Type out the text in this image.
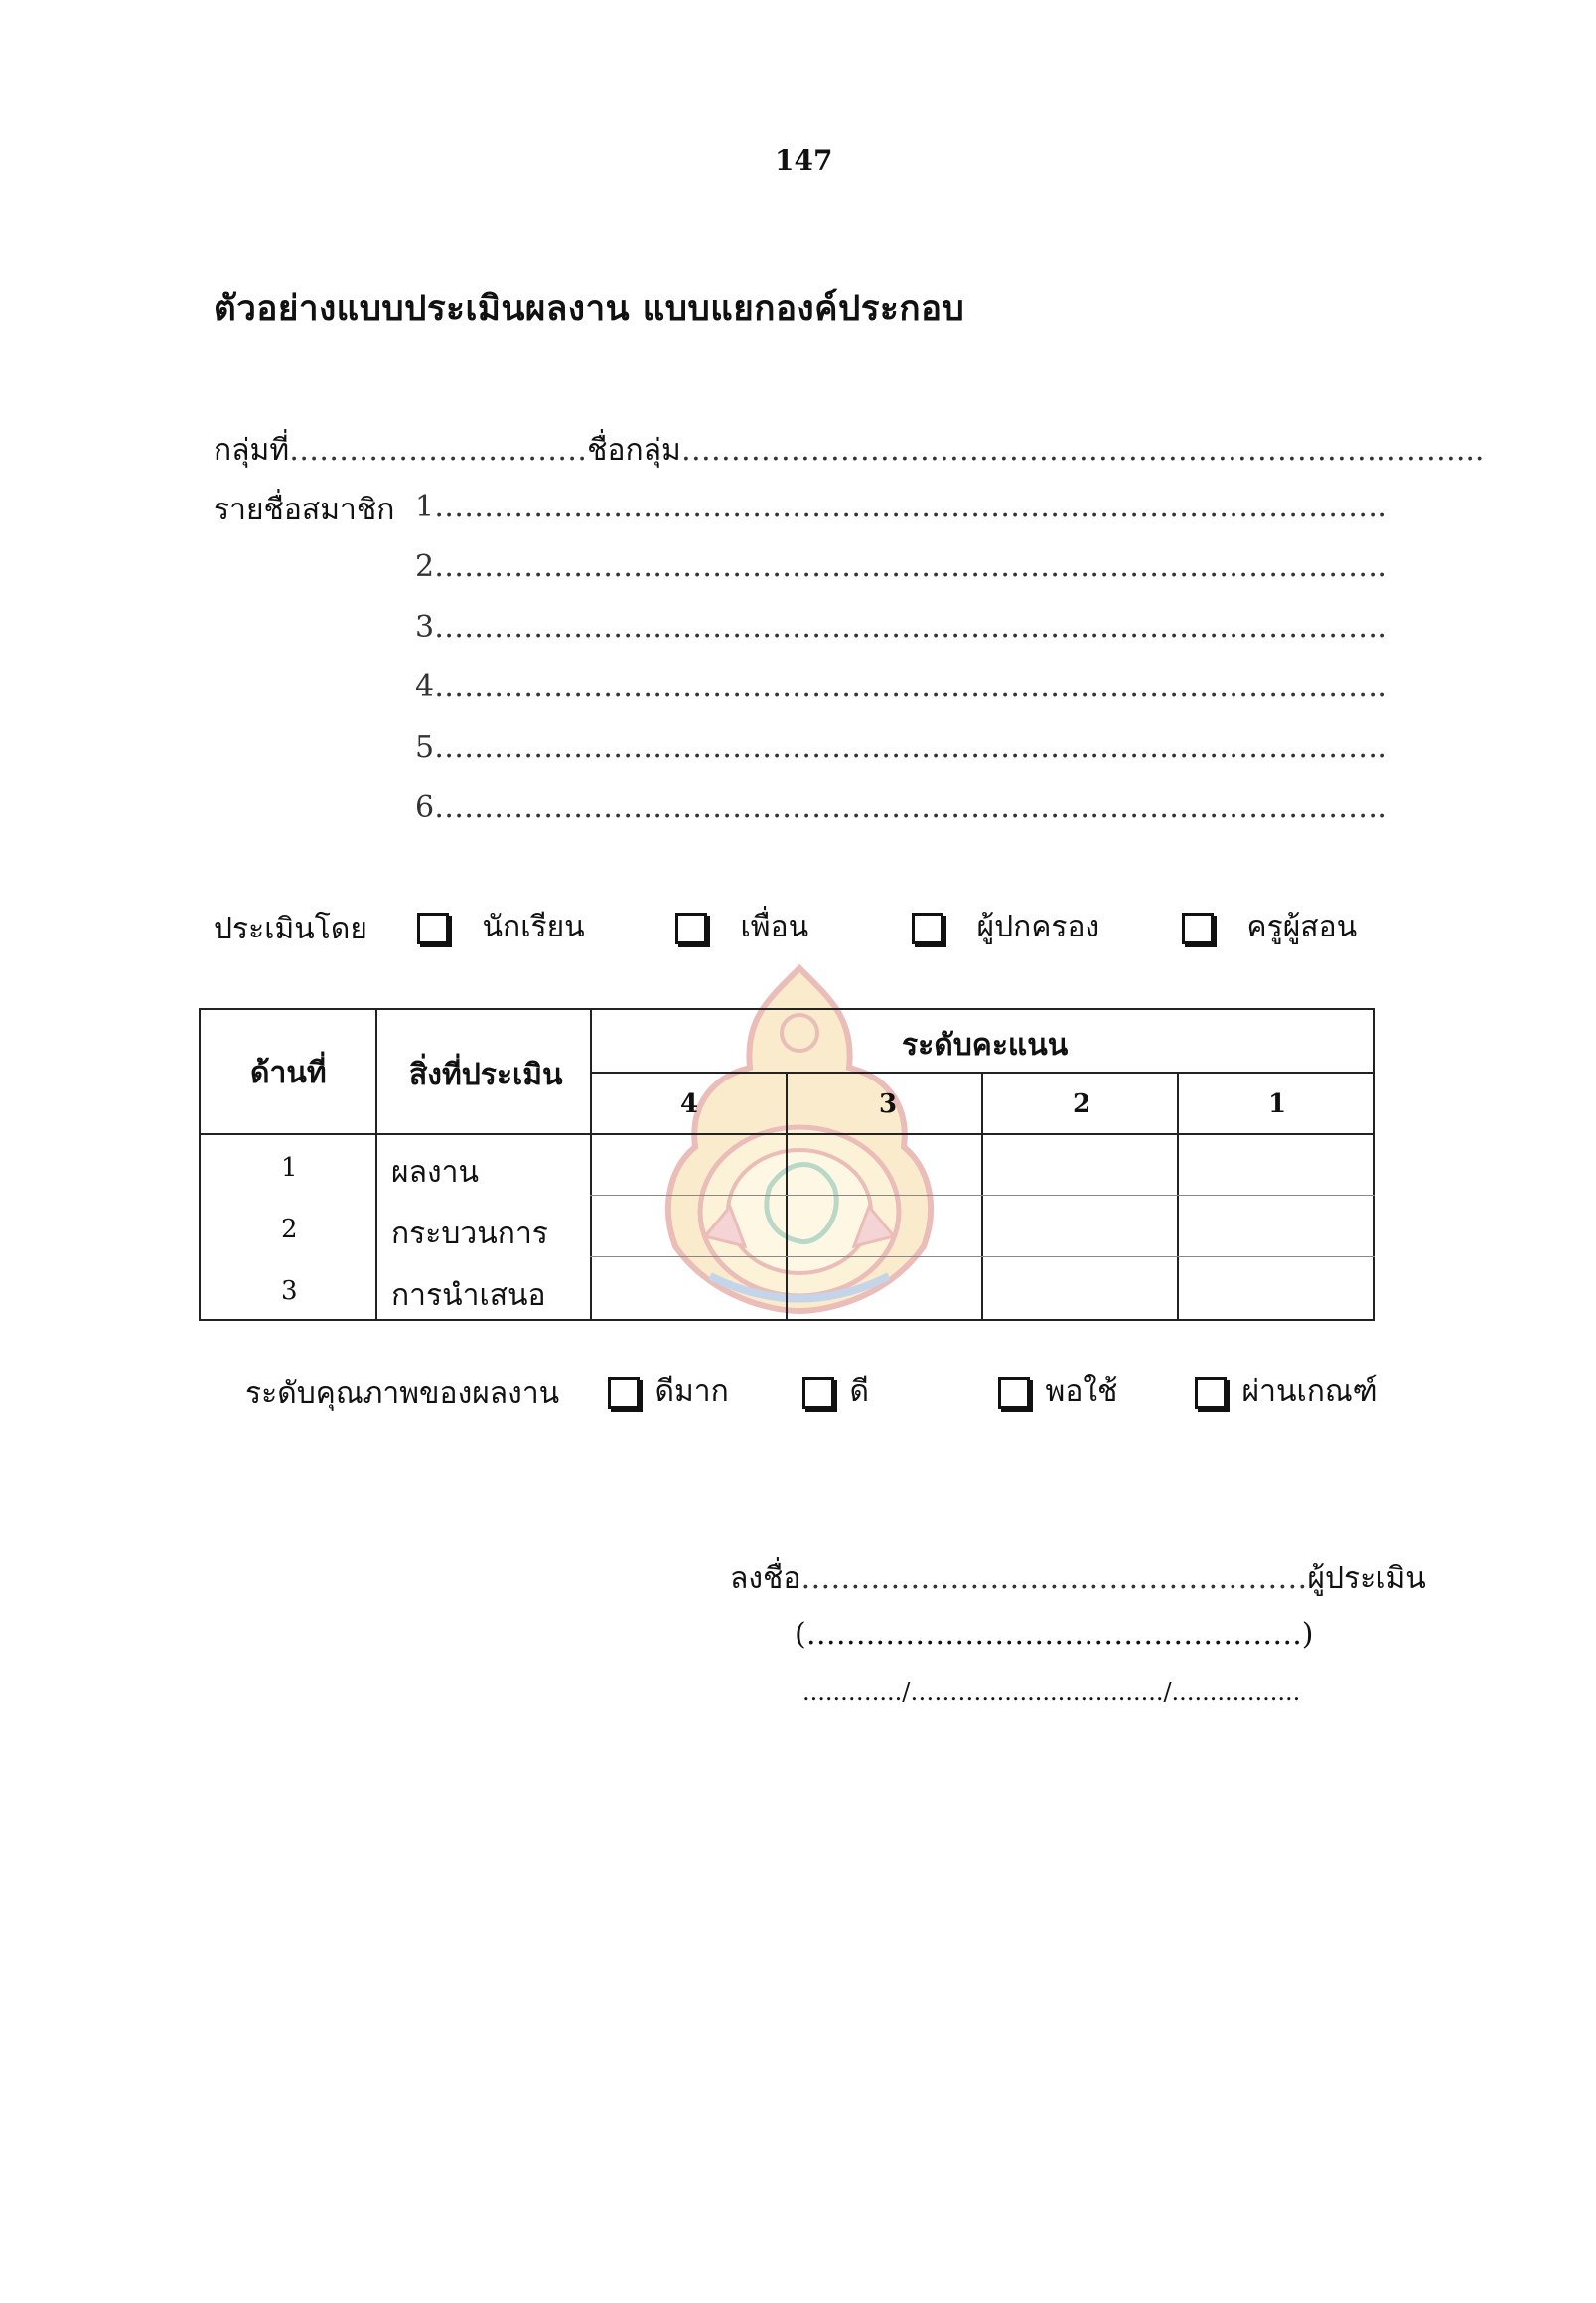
147
ตัวอย่างแบบประเมินผลงาน แบบแยกองค์ประกอบ
กลุ่มที่…………………………ชื่อกลุ่ม……………………………………………………………………...
รายชื่อสมาชิก 1……………………………………………………………………………………
2……………………………………………………………………………………
3……………………………………………………………………………………
4……………………………………………………………………………………
5……………………………………………………………………………………
6……………………………………………………………………………………
ประเมินโดย	นักเรียน	เพื่อน	ผู้ปกครอง	ครูผู้สอน
ด้านที่	สิ่งที่ประเมิน
ระดับคะแนน
4	3	2	1
1	ผลงาน
2	กระบวนการ
3	การนำเสนอ
ระดับคุณภาพของผลงาน	ดีมาก	ดี	พอใช้	ผ่านเกณฑ์
ลงชื่อ……………………………………………ผู้ประเมิน
(…….…………………………………….)
......…..../………......................../.................
